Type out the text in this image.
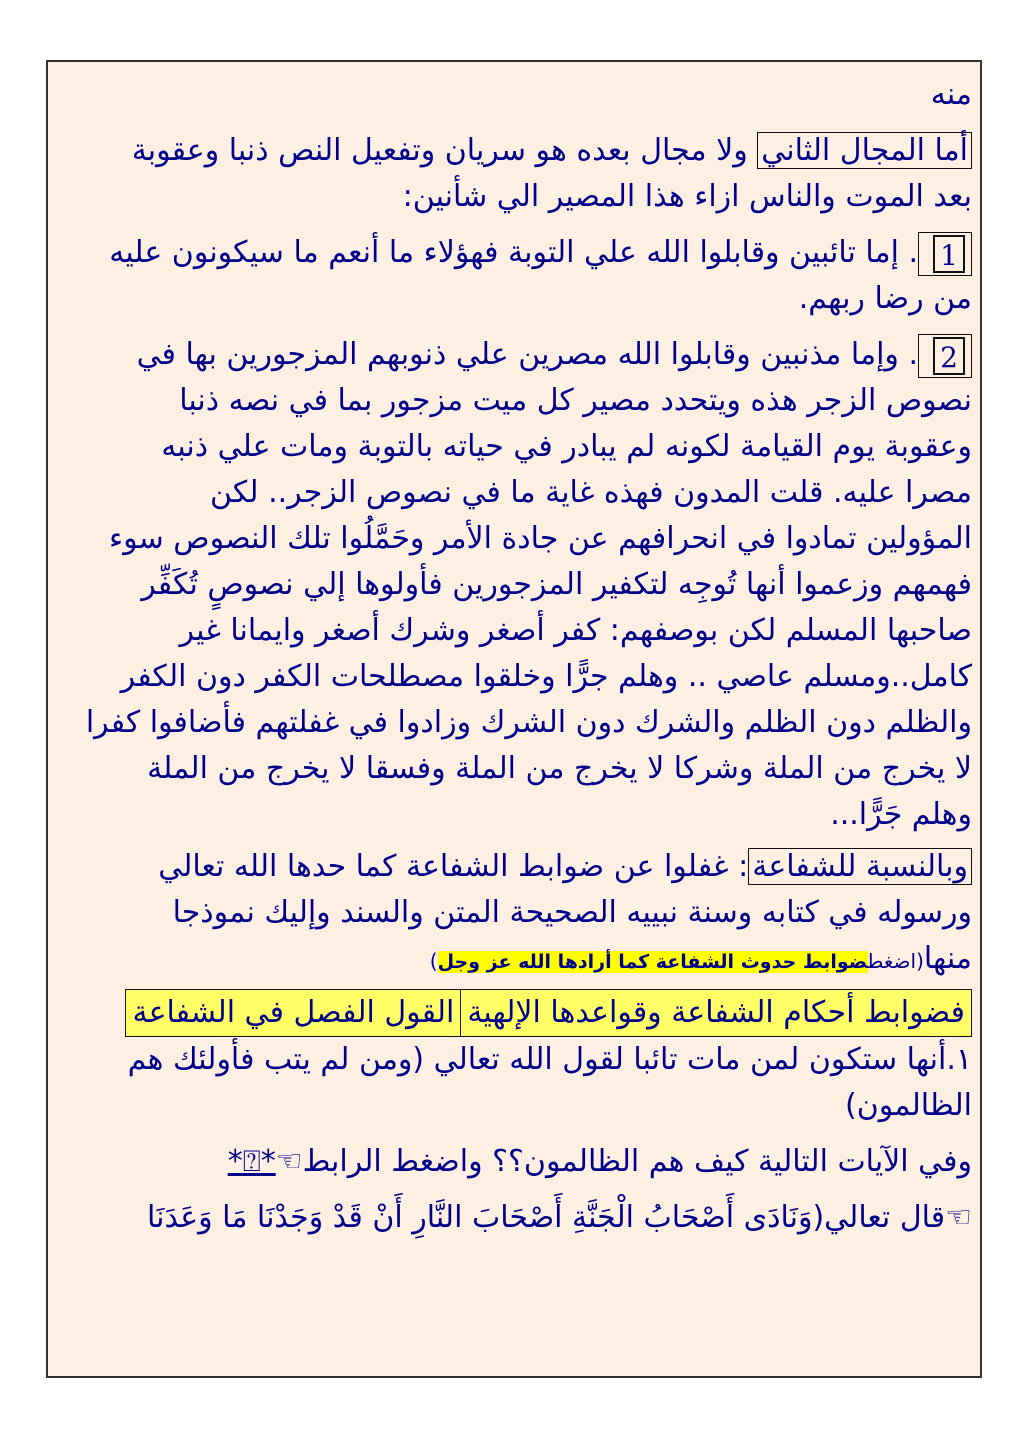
منه

أما المجال الثاني ولا مجال بعده هو سريان وتفعيل النص ذنبا وعقوبة

بعد الموت والناس ازاء هذا المصير الي شأنين:

1. إما تائبين وقابلوا الله علي التوبة فهؤلاء ما أنعم ما سيكونون عليه

من رضا ربهم.

2. وإما مذنبين وقابلوا الله مصرين علي ذنوبهم المزجورين بها في

نصوص الزجر هذه ويتحدد مصير كل ميت مزجور بما في نصه ذنبا

وعقوبة يوم القيامة لكونه لم يبادر في حياته بالتوبة ومات علي ذنبه

مصرا عليه. قلت المدون فهذه غاية ما في نصوص الزجر.. لكن

المؤولين تمادوا في انحرافهم عن جادة الأمر وحَمَّلُوا تلك النصوص سوء

فهمهم وزعموا أنها تُوجِه لتكفير المزجورين فأولوها إلي نصوصٍ تُكَفِّر

صاحبها المسلم لكن بوصفهم: كفر أصغر وشرك أصغر وايمانا غير

كامل..ومسلم عاصي .. وهلم جرًّا وخلقوا مصطلحات الكفر دون الكفر

والظلم دون الظلم والشرك دون الشرك وزادوا في غفلتهم فأضافوا كفرا

لا يخرج من الملة وشركا لا يخرج من الملة وفسقا لا يخرج من الملة

وهلم جَرًّا...

وبالنسبة للشفاعة: غفلوا عن ضوابط الشفاعة كما حدها الله تعالي

ورسوله في كتابه وسنة نبييه الصحيحة المتن والسند وإليك نموذجا

منها(اضغطضوابط حدوث الشفاعة كما أرادها الله عز وجل)

فضوابط أحكام الشفاعة وقواعدها الإلهية
القول الفصل في الشفاعة

١.أنها ستكون لمن مات تائبا لقول الله تعالي (ومن لم يتب فأولئك هم

الظالمون)

وفي الآيات التالية كيف هم الظالمون؟؟ واضغط الرابط☜*⍰*

☜قال تعالي(وَنَادَى أَصْحَابُ الْجَنَّةِ أَصْحَابَ النَّارِ أَنْ قَدْ وَجَدْنَا مَا وَعَدَنَا
